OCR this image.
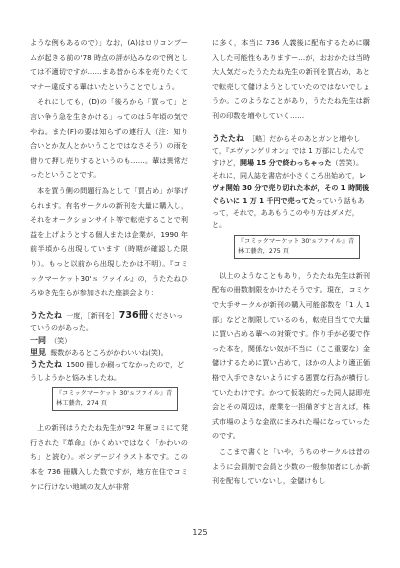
ような例もあるので）」なお，(A)はロリコンブームが起きる前の'78 時点の評が込みなので例としては不適切ですが……まあ昔から本を売りたくてマナー違反する輩はいたということでしょう。

それにしても，(D)の「後ろから「買って」と言い争う急を生きかける」ってのは５年頃の気でやね。また(F)の要は知らずの連行人（注：知り合いとか友人とかいうことではなさそう）の雨を借りて押し売りするというのも……。輩は異常だったということです。

本を買う側の問題行為として「買占め」が挙げられます。有名サークルの新刊を大量に購入し，それをオークションサイト等で転売することで利益を上げようとする個人または企業が，1990 年前半頃から出現しています（時期が確認した限り）。もっと以前から出現したかは不明）。『コミックマーケット30'ｓ ファイル』の，うたたねひろゆき先生らが参加された座談会より：

うたたね 一度，［新刊を］736冊くださいっていうのがあった。

一同 （笑）

里見 報数があるところがかわいいね(笑)。

うたたね 1500 冊しか刷ってなかったので，どうしようかと悩みましたね。

『コミックマーケット 30'ｓファイル』青林工藝舎，274 頁

上の新刊はうたたね先生が'92 年夏コミにて発行された『革命』（かくめいではなく「かわいのち」と読む）。ボンデージイラスト本です。この本を 736 冊購入した数ですが，地方在住でコミケに行けない地域の友人が非常

に多く，本当に 736 人義後に配布するために購入した可能性もありますー…が，おおかたは当時大人気だったうたたね先生の新刊を買占め，あとで転売して儲けようとしていたのではないでしょうか。このようなことがあり，うたたね先生は新刊の印数を増やしていく……

うたたね ［略］だからそのあとガンと増やして，『エヴァンゲリオン』では 1 万部にしたんですけど，開場 15 分で終わっちゃった（苦笑）。それに，同人誌を書店が小さくころ出始めて，レヴォ開始 30 分で売り切れた本が，その 1 時間後ぐらいに 1 万 1 千円で売ってたっていう話もあって，それで，ああもうこのやり方はダメだ，と。

『コミックマーケット 30'ｓファイル』青林工藝舎，275 頁

以上のようなこともあり，うたたね先生は新刊配布の冊数制限をかけたそうです。現在，コミケで大手サークルが新刊の購入可能部数を「1 人 1 部」などと制限しているのも，転売目当てで大量に買い占める輩への対策です。作り手が必要で作った本を，関係ない奴が不当に（ここ重要な）金儲けするために買い占めて，ほかの人より適正価格で入手できないようにする悪質な行為が横行していたわけです。かつて仮装的だった同人誌即売会とその周辺は，産業を一担備ぎすと言えば，株式市場のような金欲にまみれた場になっていったのです。

ここまで書くと「いや，うちのサークルは昔のように会員制で会員と少数の一般参加者にしか新刊を配布していないし，金儲けもし

125
